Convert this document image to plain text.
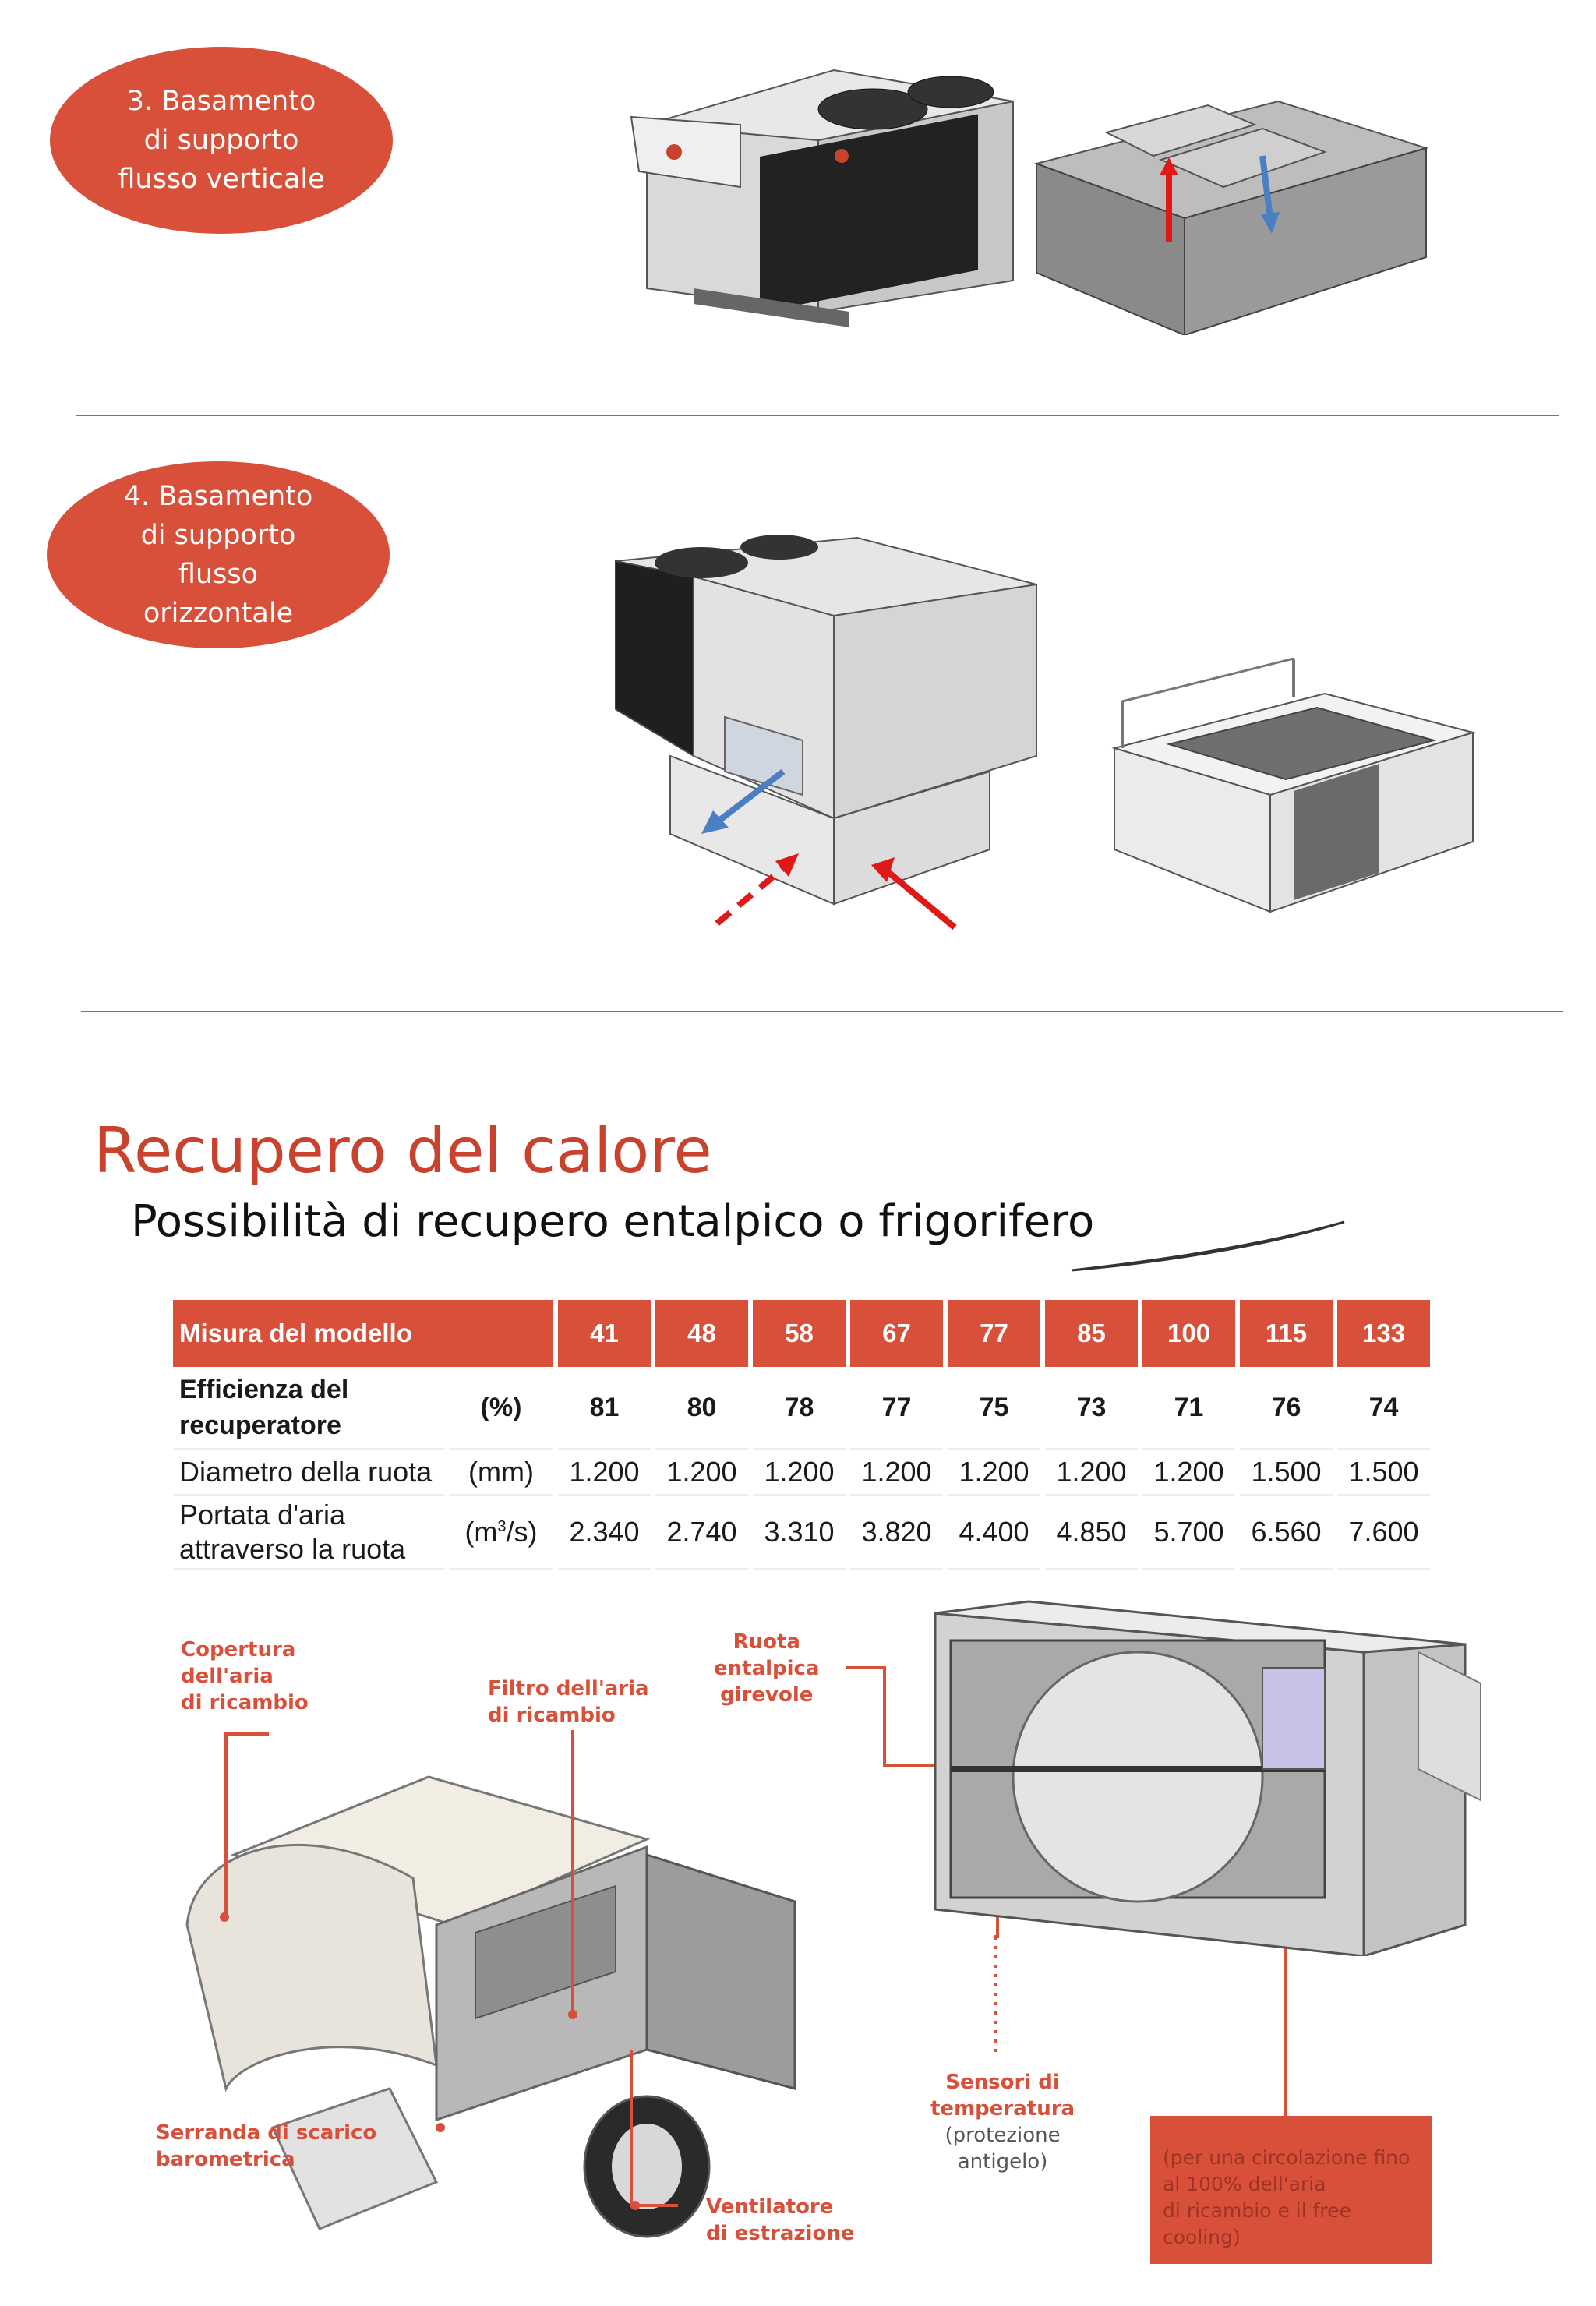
3. Basamento
di supporto
flusso verticale
4. Basamento
di supporto
flusso
orizzontale
Recupero del calore
Possibilità di recupero entalpico o frigorifero
Misura del modello		41	48	58	67	77	85	100	115	133
Efficienza del
recuperatore	(%)	81	80	78	77	75	73	71	76	74
Diametro della ruota	(mm)	1.200	1.200	1.200	1.200	1.200	1.200	1.200	1.500	1.500
Portata d'aria
attraverso la ruota	$(m^3/s)$	2.340	2.740	3.310	3.820	4.400	4.850	5.700	6.560	7.600
Copertura
dell'aria
di ricambio
Filtro dell'aria
di ricambio
Serranda di scarico
barometrica
Ventilatore
di estrazione
Ruota
entalpica
girevole
Sensori di
temperatura
(protezione
antigelo)	(per una circolazione fino
al 100% dell'aria
di ricambio e il free cooling)
